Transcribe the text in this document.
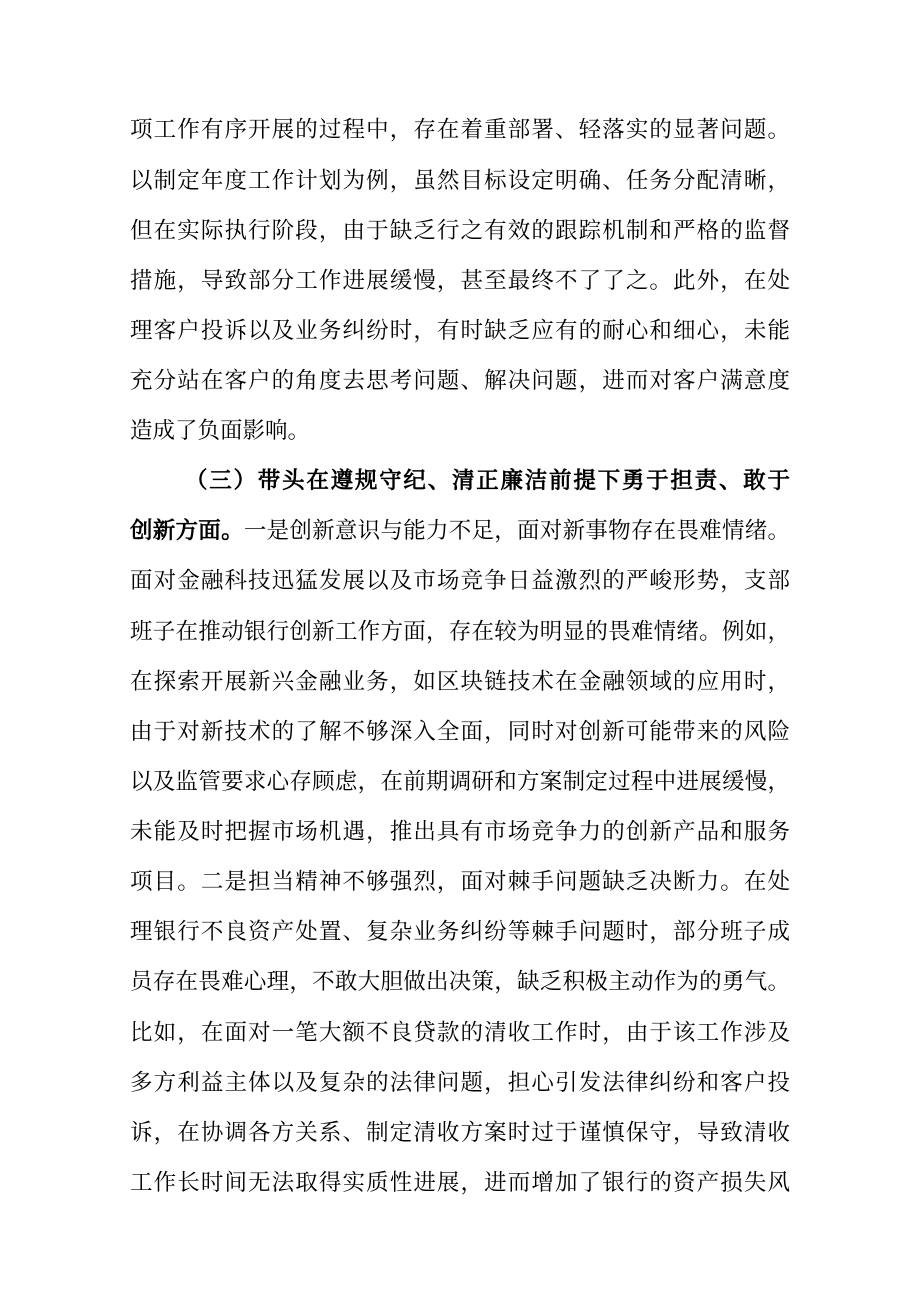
项工作有序开展的过程中，存在着重部署、轻落实的显著问题。
以制定年度工作计划为例，虽然目标设定明确、任务分配清晰，
但在实际执行阶段，由于缺乏行之有效的跟踪机制和严格的监督
措施，导致部分工作进展缓慢，甚至最终不了了之。此外，在处
理客户投诉以及业务纠纷时，有时缺乏应有的耐心和细心，未能
充分站在客户的角度去思考问题、解决问题，进而对客户满意度
造成了负面影响。
（三）带头在遵规守纪、清正廉洁前提下勇于担责、敢于
创新方面。一是创新意识与能力不足，面对新事物存在畏难情绪。
面对金融科技迅猛发展以及市场竞争日益激烈的严峻形势，支部
班子在推动银行创新工作方面，存在较为明显的畏难情绪。例如，
在探索开展新兴金融业务，如区块链技术在金融领域的应用时，
由于对新技术的了解不够深入全面，同时对创新可能带来的风险
以及监管要求心存顾虑，在前期调研和方案制定过程中进展缓慢，
未能及时把握市场机遇，推出具有市场竞争力的创新产品和服务
项目。二是担当精神不够强烈，面对棘手问题缺乏决断力。在处
理银行不良资产处置、复杂业务纠纷等棘手问题时，部分班子成
员存在畏难心理，不敢大胆做出决策，缺乏积极主动作为的勇气。
比如，在面对一笔大额不良贷款的清收工作时，由于该工作涉及
多方利益主体以及复杂的法律问题，担心引发法律纠纷和客户投
诉，在协调各方关系、制定清收方案时过于谨慎保守，导致清收
工作长时间无法取得实质性进展，进而增加了银行的资产损失风
